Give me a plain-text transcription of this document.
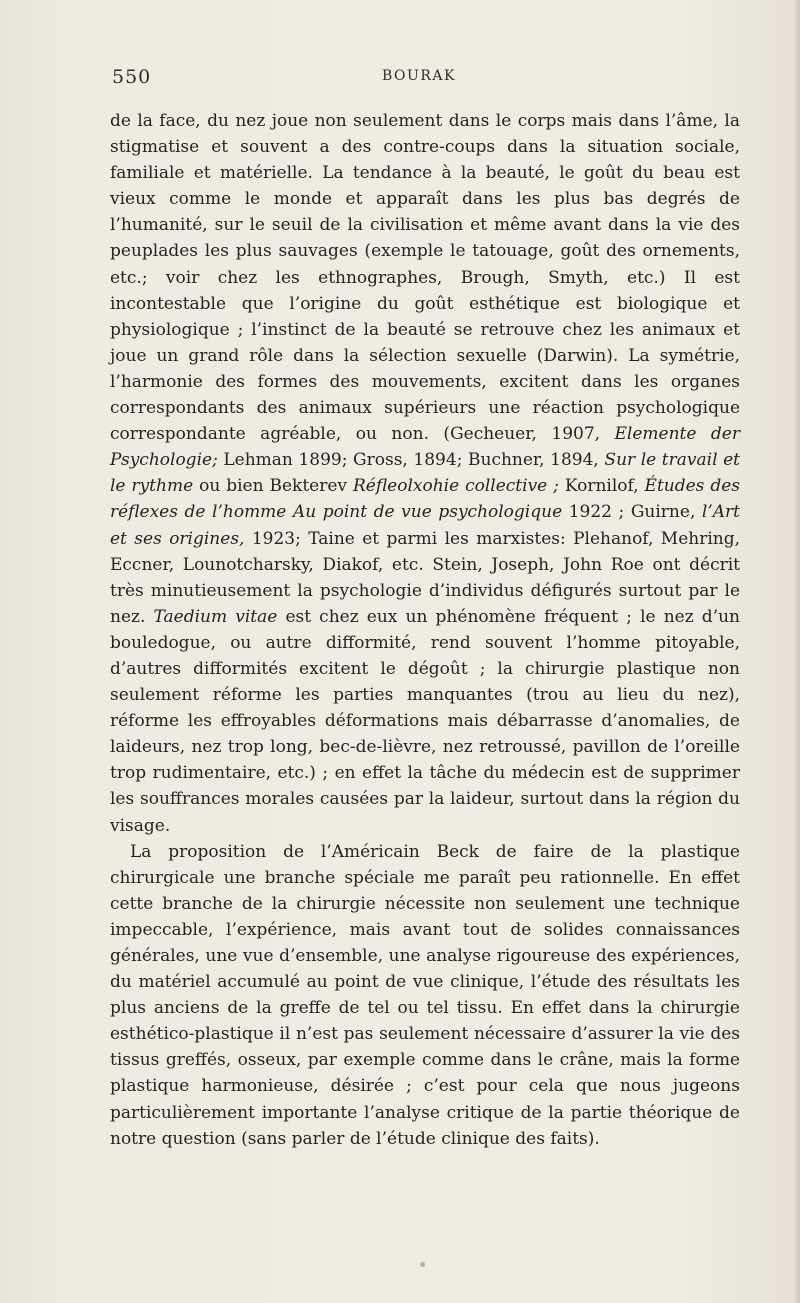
550	BOURAK

de la face, du nez joue non seulement dans le corps mais dans l’âme, la stigmatise et souvent a des contre-coups dans la situation sociale, familiale et matérielle. La tendance à la beauté, le goût du beau est vieux comme le monde et apparaît dans les plus bas degrés de l’humanité, sur le seuil de la civilisation et même avant dans la vie des peuplades les plus sauvages (exemple le tatouage, goût des ornements, etc.; voir chez les ethnographes, Brough, Smyth, etc.) Il est incontestable que l’origine du goût esthétique est biologique et physiologique ; l’instinct de la beauté se retrouve chez les animaux et joue un grand rôle dans la sélection sexuelle (Darwin). La symétrie, l’harmonie des formes des mouvements, excitent dans les organes correspondants des animaux supérieurs une réaction psychologique correspondante agréable, ou non. (Gecheuer, 1907, Elemente der Psychologie; Lehman 1899; Gross, 1894; Buchner, 1894, Sur le travail et le rythme ou bien Bekterev Réfleolxohie collective ; Kornilof, Études des réflexes de l’homme Au point de vue psychologique 1922 ; Guirne, l’Art et ses origines, 1923; Taine et parmi les marxistes: Plehanof, Mehring, Eccner, Lounotcharsky, Diakof, etc. Stein, Joseph, John Roe ont décrit très minutieusement la psychologie d’individus défigurés surtout par le nez. Taedium vitae est chez eux un phénomène fréquent ; le nez d’un bouledogue, ou autre difformité, rend souvent l’homme pitoyable, d’autres difformités excitent le dégoût ; la chirurgie plastique non seulement réforme les parties manquantes (trou au lieu du nez), réforme les effroyables déformations mais débarrasse d’anomalies, de laideurs, nez trop long, bec-de-lièvre, nez retroussé, pavillon de l’oreille trop rudimentaire, etc.) ; en effet la tâche du médecin est de supprimer les souffrances morales causées par la laideur, surtout dans la région du visage.

La proposition de l’Américain Beck de faire de la plastique chirurgicale une branche spéciale me paraît peu rationnelle. En effet cette branche de la chirurgie nécessite non seulement une technique impeccable, l’expérience, mais avant tout de solides connaissances générales, une vue d’ensemble, une analyse rigoureuse des expériences, du matériel accumulé au point de vue clinique, l’étude des résultats les plus anciens de la greffe de tel ou tel tissu. En effet dans la chirurgie esthético-plastique il n’est pas seulement nécessaire d’assurer la vie des tissus greffés, osseux, par exemple comme dans le crâne, mais la forme plastique harmonieuse, désirée ; c’est pour cela que nous jugeons particulièrement importante l’analyse critique de la partie théorique de notre question (sans parler de l’étude clinique des faits).
